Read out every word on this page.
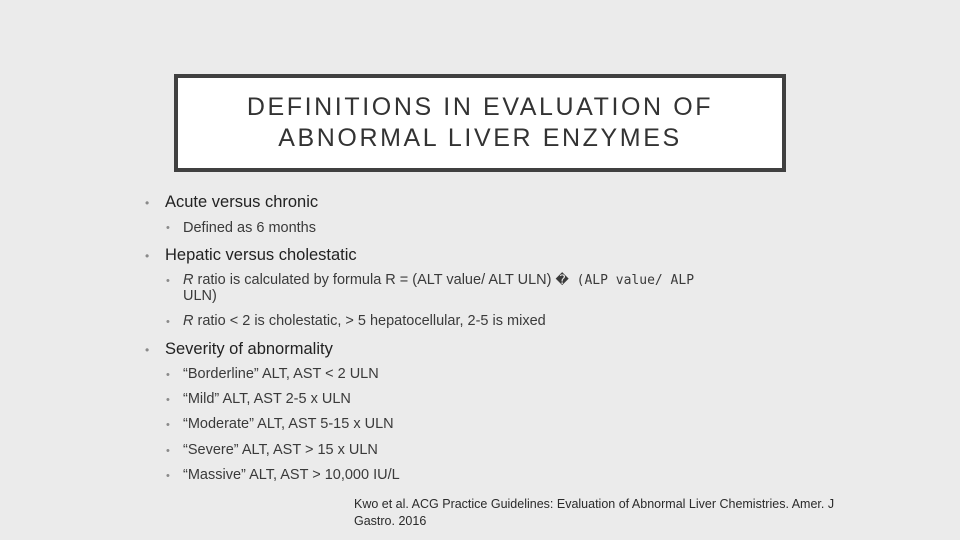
DEFINITIONS IN EVALUATION OF
ABNORMAL LIVER ENZYMES
• Acute versus chronic
• Defined as 6 months
• Hepatic versus cholestatic
• R ratio is calculated by formula R = (ALT value/ ALT ULN) � (ALP value/ ALP
ULN)
• R ratio < 2 is cholestatic, > 5 hepatocellular, 2-5 is mixed
• Severity of abnormality
• “Borderline” ALT, AST < 2 ULN
• “Mild” ALT, AST 2-5 x ULN
• “Moderate” ALT, AST 5-15 x ULN
• “Severe” ALT, AST > 15 x ULN
• “Massive” ALT, AST > 10,000 IU/L
Kwo et al. ACG Practice Guidelines: Evaluation of Abnormal Liver Chemistries. Amer. J
Gastro. 2016
